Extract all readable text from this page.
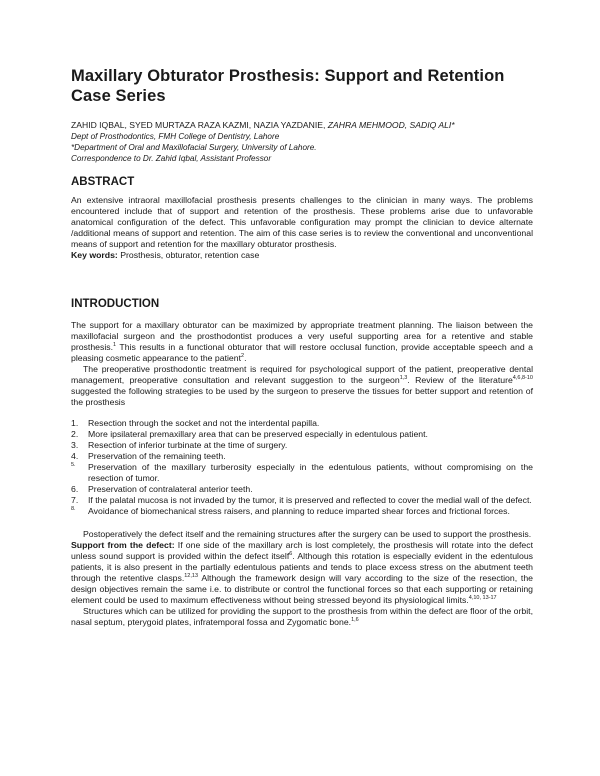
Maxillary Obturator Prosthesis: Support and Retention Case Series
ZAHID IQBAL, SYED MURTAZA RAZA KAZMI, NAZIA YAZDANIE, ZAHRA MEHMOOD, SADIQ ALI*
Dept of Prosthodontics, FMH College of Dentistry, Lahore
*Department of Oral and Maxillofacial Surgery, University of Lahore.
Correspondence to Dr. Zahid Iqbal, Assistant Professor
ABSTRACT

An extensive intraoral maxillofacial prosthesis presents challenges to the clinician in many ways. The problems encountered include that of support and retention of the prosthesis. These problems arise due to unfavorable anatomical configuration of the defect. This unfavorable configuration may prompt the clinician to device alternate /additional means of support and retention. The aim of this case series is to review the conventional and unconventional means of support and retention for the maxillary obturator prosthesis.

Key words: Prosthesis, obturator, retention case

INTRODUCTION

The support for a maxillary obturator can be maximized by appropriate treatment planning. The liaison between the maxillofacial surgeon and the prosthodontist produces a very useful supporting area for a retentive and stable prosthesis.$^1$ This results in a functional obturator that will restore occlusal function, provide acceptable speech and a pleasing cosmetic appearance to the patient$^2$.

The preoperative prosthodontic treatment is required for psychological support of the patient, preoperative dental management, preoperative consultation and relevant suggestion to the surgeon$^{1,3}$. Review of the literature$^{4,6,8-10}$ suggested the following strategies to be used by the surgeon to preserve the tissues for better support and retention of the prosthesis

1. Resection through the socket and not the interdental papilla.
2. More ipsilateral premaxillary area that can be preserved especially in edentulous patient.
3. Resection of inferior turbinate at the time of surgery.
4. Preservation of the remaining teeth.
5. Preservation of the maxillary turberosity especially in the edentulous patients, without compromising on the resection of tumor.
6. Preservation of contralateral anterior teeth.
7. If the palatal mucosa is not invaded by the tumor, it is preserved and reflected to cover the medial wall of the defect.
8. Avoidance of biomechanical stress raisers, and planning to reduce imparted shear forces and frictional forces.

Postoperatively the defect itself and the remaining structures after the surgery can be used to support the prosthesis.

Support from the defect: If one side of the maxillary arch is lost completely, the prosthesis will rotate into the defect unless sound support is provided within the defect itself$^6$. Although this rotation is especially evident in the edentulous patients, it is also present in the partially edentulous patients and tends to place excess stress on the abutment teeth through the retentive clasps.$^{12,13}$ Although the framework design will vary according to the size of the resection, the design objectives remain the same i.e. to distribute or control the functional forces so that each supporting or retaining element could be used to maximum effectiveness without being stressed beyond its physiological limits.$^{4,10, 13-17}$

Structures which can be utilized for providing the support to the prosthesis from within the defect are floor of the orbit, nasal septum, pterygoid plates, infratemporal fossa and Zygomatic bone.$^{1,6}$
